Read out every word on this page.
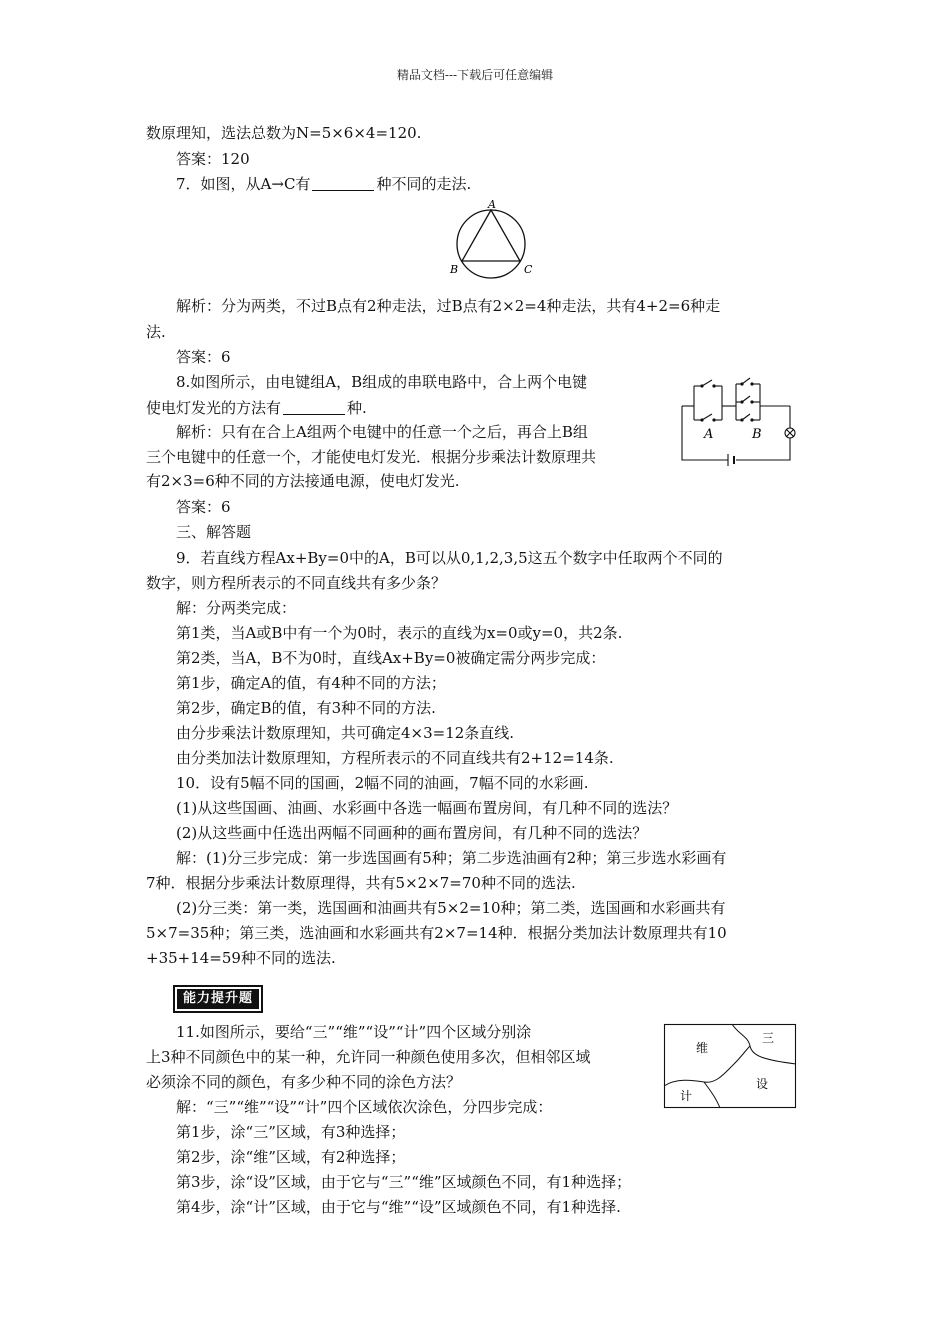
精品文档---下载后可任意编辑
数原理知，选法总数为N=5×6×4=120.
答案：120
7．如图，从A→C有	种不同的走法.
A
B	C
解析：分为两类，不过B点有2种走法，过B点有2×2=4种走法，共有4+2=6种走
法.
答案：6
8.如图所示，由电键组A，B组成的串联电路中，合上两个电键
使电灯发光的方法有	种.
解析：只有在合上A组两个电键中的任意一个之后，再合上B组
三个电键中的任意一个，才能使电灯发光．根据分步乘法计数原理共
有2×3=6种不同的方法接通电源，使电灯发光.
答案：6
A	B
三、解答题
9．若直线方程Ax+By=0中的A，B可以从0,1,2,3,5这五个数字中任取两个不同的
数字，则方程所表示的不同直线共有多少条？
解：分两类完成：
第1类，当A或B中有一个为0时，表示的直线为x=0或y=0，共2条.
第2类，当A，B不为0时，直线Ax+By=0被确定需分两步完成：
第1步，确定A的值，有4种不同的方法；
第2步，确定B的值，有3种不同的方法.
由分步乘法计数原理知，共可确定4×3=12条直线.
由分类加法计数原理知，方程所表示的不同直线共有2+12=14条.
10．设有5幅不同的国画，2幅不同的油画，7幅不同的水彩画.
(1)从这些国画、油画、水彩画中各选一幅画布置房间，有几种不同的选法？
(2)从这些画中任选出两幅不同画种的画布置房间，有几种不同的选法？
解：(1)分三步完成：第一步选国画有5种；第二步选油画有2种；第三步选水彩画有
7种．根据分步乘法计数原理得，共有5×2×7=70种不同的选法.
(2)分三类：第一类，选国画和油画共有5×2=10种；第二类，选国画和水彩画共有
5×7=35种；第三类，选油画和水彩画共有2×7=14种．根据分类加法计数原理共有10
+35+14=59种不同的选法.
能力提升题
11.如图所示，要给“三”“维”“设”“计”四个区域分别涂
上3种不同颜色中的某一种，允许同一种颜色使用多次，但相邻区域
必须涂不同的颜色，有多少种不同的涂色方法？
解：“三”“维”“设”“计”四个区域依次涂色，分四步完成：
维
三
计
设
第1步，涂“三”区域，有3种选择；
第2步，涂“维”区域，有2种选择；
第3步，涂“设”区域，由于它与“三”“维”区域颜色不同，有1种选择；
第4步，涂“计”区域，由于它与“维”“设”区域颜色不同，有1种选择.
